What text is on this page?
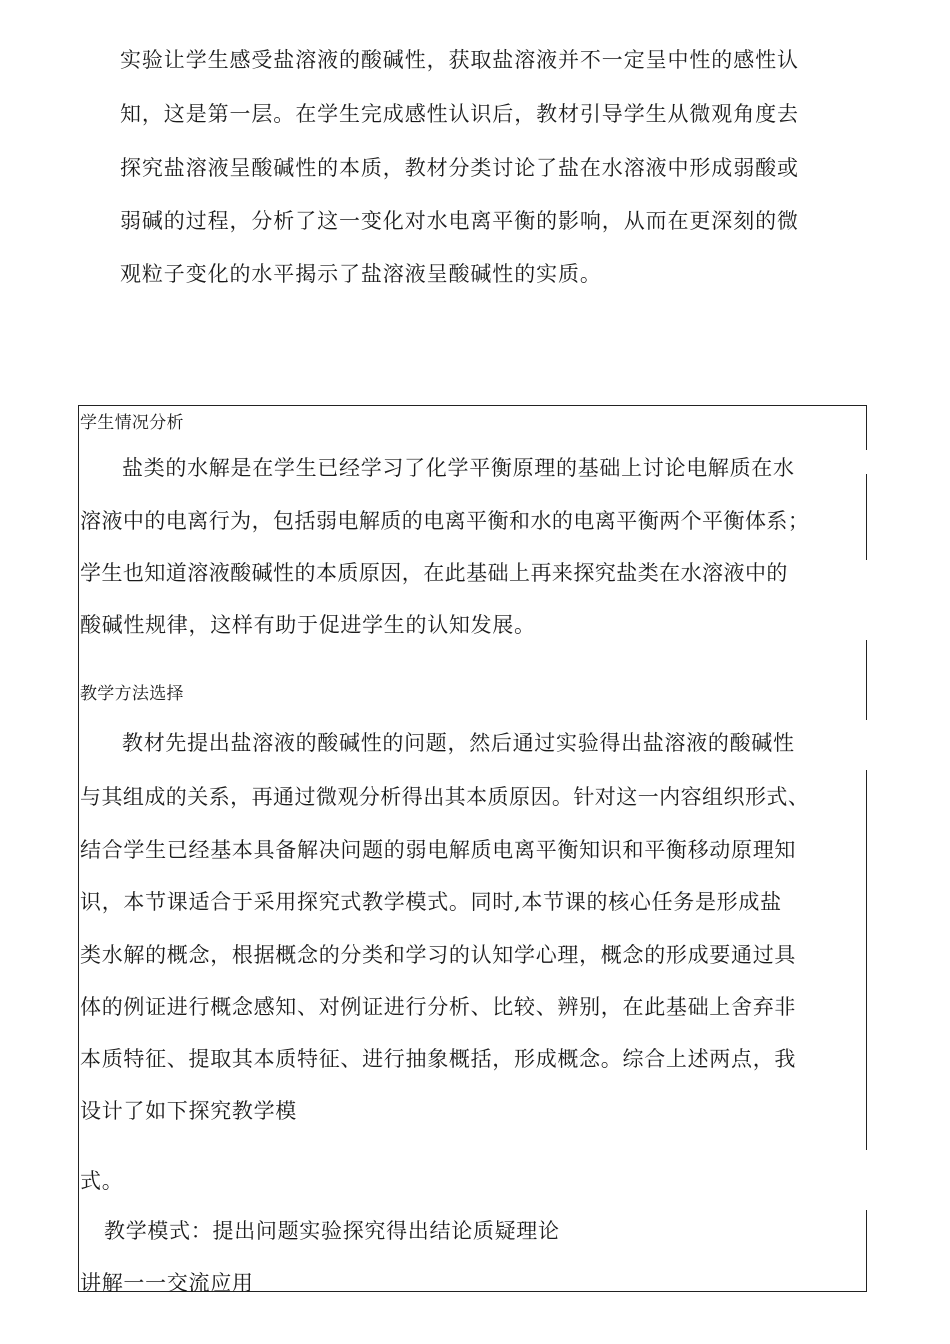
实验让学生感受盐溶液的酸碱性，获取盐溶液并不一定呈中性的感性认
知，这是第一层。在学生完成感性认识后，教材引导学生从微观角度去
探究盐溶液呈酸碱性的本质，教材分类讨论了盐在水溶液中形成弱酸或
弱碱的过程，分析了这一变化对水电离平衡的影响，从而在更深刻的微
观粒子变化的水平揭示了盐溶液呈酸碱性的实质。
学生情况分析
盐类的水解是在学生已经学习了化学平衡原理的基础上讨论电解质在水
溶液中的电离行为，包括弱电解质的电离平衡和水的电离平衡两个平衡体系；
学生也知道溶液酸碱性的本质原因，在此基础上再来探究盐类在水溶液中的
酸碱性规律，这样有助于促进学生的认知发展。
教学方法选择
教材先提出盐溶液的酸碱性的问题，然后通过实验得出盐溶液的酸碱性
与其组成的关系，再通过微观分析得出其本质原因。针对这一内容组织形式、
结合学生已经基本具备解决问题的弱电解质电离平衡知识和平衡移动原理知
识，本节课适合于采用探究式教学模式。同时,本节课的核心任务是形成盐
类水解的概念，根据概念的分类和学习的认知学心理，概念的形成要通过具
体的例证进行概念感知、对例证进行分析、比较、辨别，在此基础上舍弃非
本质特征、提取其本质特征、进行抽象概括，形成概念。综合上述两点，我
设计了如下探究教学模
式。
教学模式：提出问题实验探究得出结论质疑理论
讲解一一交流应用
